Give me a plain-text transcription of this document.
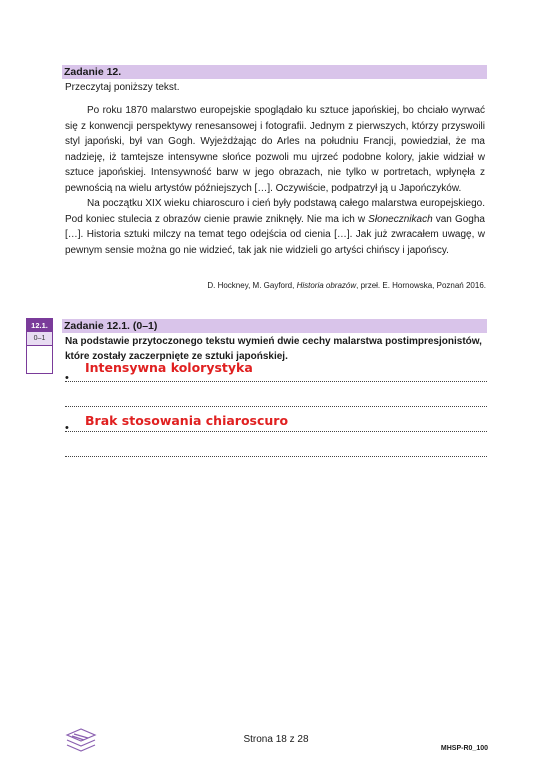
Zadanie 12.
Przeczytaj poniższy tekst.

Po roku 1870 malarstwo europejskie spoglądało ku sztuce japońskiej, bo chciało wyrwać się z konwencji perspektywy renesansowej i fotografii. Jednym z pierwszych, którzy przyswoili styl japoński, był van Gogh. Wyjeżdżając do Arles na południu Francji, powiedział, że ma nadzieję, iż tamtejsze intensywne słońce pozwoli mu ujrzeć podobne kolory, jakie widział w sztuce japońskiej. Intensywność barw w jego obrazach, nie tylko w portretach, wpłynęła z pewnością na wielu artystów późniejszych […]. Oczywiście, podpatrzył ją u Japończyków.

Na początku XIX wieku chiaroscuro i cień były podstawą całego malarstwa europejskiego. Pod koniec stulecia z obrazów cienie prawie zniknęły. Nie ma ich w Słonecznikach van Gogha […]. Historia sztuki milczy na temat tego odejścia od cienia […]. Jak już zwracałem uwagę, w pewnym sensie można go nie widzieć, tak jak nie widzieli go artyści chińscy i japońscy.

D. Hockney, M. Gayford, Historia obrazów, przeł. E. Hornowska, Poznań 2016.
12.1.
0–1
Zadanie 12.1. (0–1)
Na podstawie przytoczonego tekstu wymień dwie cechy malarstwa postimpresjonistów, które zostały zaczerpnięte ze sztuki japońskiej.
Intensywna kolorystyka
•
Brak stosowania chiaroscuro
•
Strona 18 z 28
MHSP-R0_100
